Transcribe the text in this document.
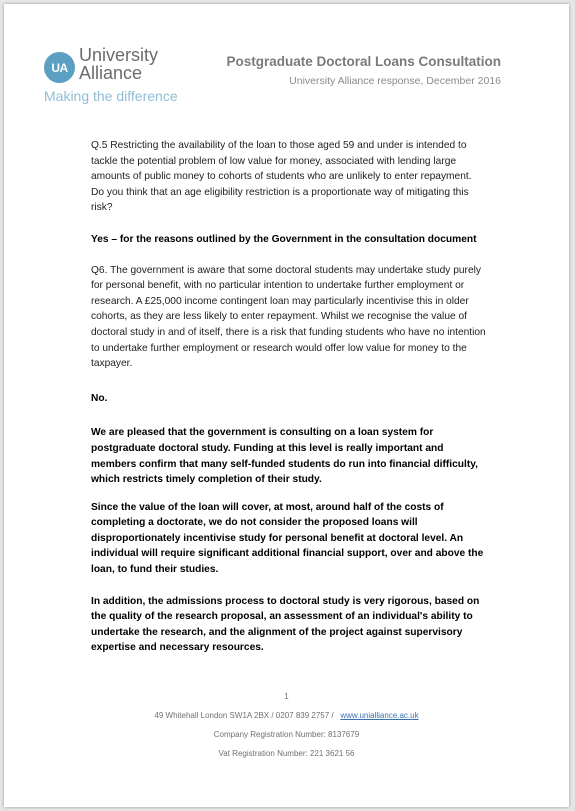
UA
University
Alliance
Making the difference
Postgraduate Doctoral Loans Consultation
University Alliance response, December 2016

Q.5 Restricting the availability of the loan to those aged 59 and under is intended to tackle the potential problem of low value for money, associated with lending large amounts of public money to cohorts of students who are unlikely to enter repayment. Do you think that an age eligibility restriction is a proportionate way of mitigating this risk?

Yes – for the reasons outlined by the Government in the consultation document

Q6. The government is aware that some doctoral students may undertake study purely for personal benefit, with no particular intention to undertake further employment or research. A £25,000 income contingent loan may particularly incentivise this in older cohorts, as they are less likely to enter repayment. Whilst we recognise the value of doctoral study in and of itself, there is a risk that funding students who have no intention to undertake further employment or research would offer low value for money to the taxpayer.

No.

We are pleased that the government is consulting on a loan system for postgraduate doctoral study. Funding at this level is really important and members confirm that many self-funded students do run into financial difficulty, which restricts timely completion of their study.

Since the value of the loan will cover, at most, around half of the costs of completing a doctorate, we do not consider the proposed loans will disproportionately incentivise study for personal benefit at doctoral level. An individual will require significant additional financial support, over and above the loan, to fund their studies.

In addition, the admissions process to doctoral study is very rigorous, based on the quality of the research proposal, an assessment of an individual's ability to undertake the research, and the alignment of the project against supervisory expertise and necessary resources.

1
49 Whitehall London SW1A 2BX / 0207 839 2757 / www.unialliance.ac.uk
Company Registration Number: 8137679
Vat Registration Number: 221 3621 56
